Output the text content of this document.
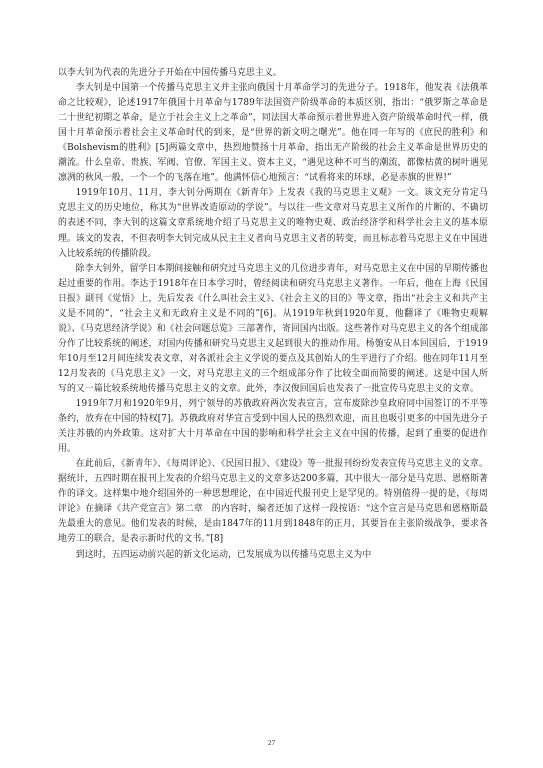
以李大钊为代表的先进分子开始在中国传播马克思主义。

李大钊是中国第一个传播马克思主义并主张向俄国十月革命学习的先进分子。1918年，他发表《法俄革命之比较观》，论述1917年俄国十月革命与1789年法国资产阶级革命的本质区别，指出：“俄罗斯之革命是二十世纪初期之革命，是立于社会主义上之革命”，同法国大革命预示着世界进入资产阶级革命时代一样，俄国十月革命预示着社会主义革命时代的到来，是“世界的新文明之曙光”。他在同一年写的《庶民的胜利》和《Bolshevism的胜利》[5]两篇文章中，热烈地赞扬十月革命，指出无产阶级的社会主义革命是世界历史的潮流。什么皇帝、贵族、军阀、官僚、军国主义、资本主义，“遇见这种不可当的潮流，都像枯黄的树叶遇见凛冽的秋风一般，一个一个的飞落在地”。他满怀信心地预言：“试看将来的环球，必是赤旗的世界!”

1919年10月、11月，李大钊分两期在《新青年》上发表《我的马克思主义观》一文。该文充分肯定马克思主义的历史地位，称其为“世界改造原动的学说”。与以往一些文章对马克思主义所作的片断的、不确切的表述不同，李大钊的这篇文章系统地介绍了马克思主义的唯物史观、政治经济学和科学社会主义的基本原理。该文的发表，不但表明李大钊完成从民主主义者向马克思主义者的转变，而且标志着马克思主义在中国进入比较系统的传播阶段。

除李大钊外，留学日本期间接触和研究过马克思主义的几位进步青年，对马克思主义在中国的早期传播也起过重要的作用。李达于1918年在日本学习时，曾经阅读和研究马克思主义著作。一年后，他在上海《民国日报》副刊《觉悟》上，先后发表《什么叫社会主义》、《社会主义的目的》等文章，指出“社会主义和共产主义是不同的”，“社会主义和无政府主义是不同的”[6]。从1919年秋到1920年夏，他翻译了《唯物史观解说》、《马克思经济学说》和《社会问题总览》三部著作，寄回国内出版。这些著作对马克思主义的各个组成部分作了比较系统的阐述，对国内传播和研究马克思主义起到很大的推动作用。杨匏安从日本回国后，于1919年10月至12月间连续发表文章，对各派社会主义学说的要点及其创始人的生平进行了介绍。他在同年11月至12月发表的《马克思主义》一文，对马克思主义的三个组成部分作了比较全面而简要的阐述。这是中国人所写的又一篇比较系统地传播马克思主义的文章。此外，李汉俊回国后也发表了一批宣传马克思主义的文章。

1919年7月和1920年9月，列宁领导的苏俄政府两次发表宣言，宣布废除沙皇政府同中国签订的不平等条约，放弃在中国的特权[7]。苏俄政府对华宣言受到中国人民的热烈欢迎，而且也吸引更多的中国先进分子关注苏俄的内外政策。这对扩大十月革命在中国的影响和科学社会主义在中国的传播，起到了重要的促进作用。

在此前后，《新青年》、《每周评论》、《民国日报》、《建设》等一批报刊纷纷发表宣传马克思主义的文章。据统计，五四时期在报刊上发表的介绍马克思主义的文章多达200多篇，其中很大一部分是马克思、恩格斯著作的译文。这样集中地介绍国外的一种思想理论，在中国近代报刊史上是罕见的。特别值得一提的是，《每周评论》在摘译《共产党宣言》第二章　的内容时，编者还加了这样一段按语：“这个宣言是马克思和恩格斯最先最重大的意见。他们发表的时候，是由1847年的11月到1848年的正月，其要旨在主张阶级战争，要求各地劳工的联合，是表示新时代的文书。”[8]

到这时，五四运动前兴起的新文化运动，已发展成为以传播马克思主义为中

27
